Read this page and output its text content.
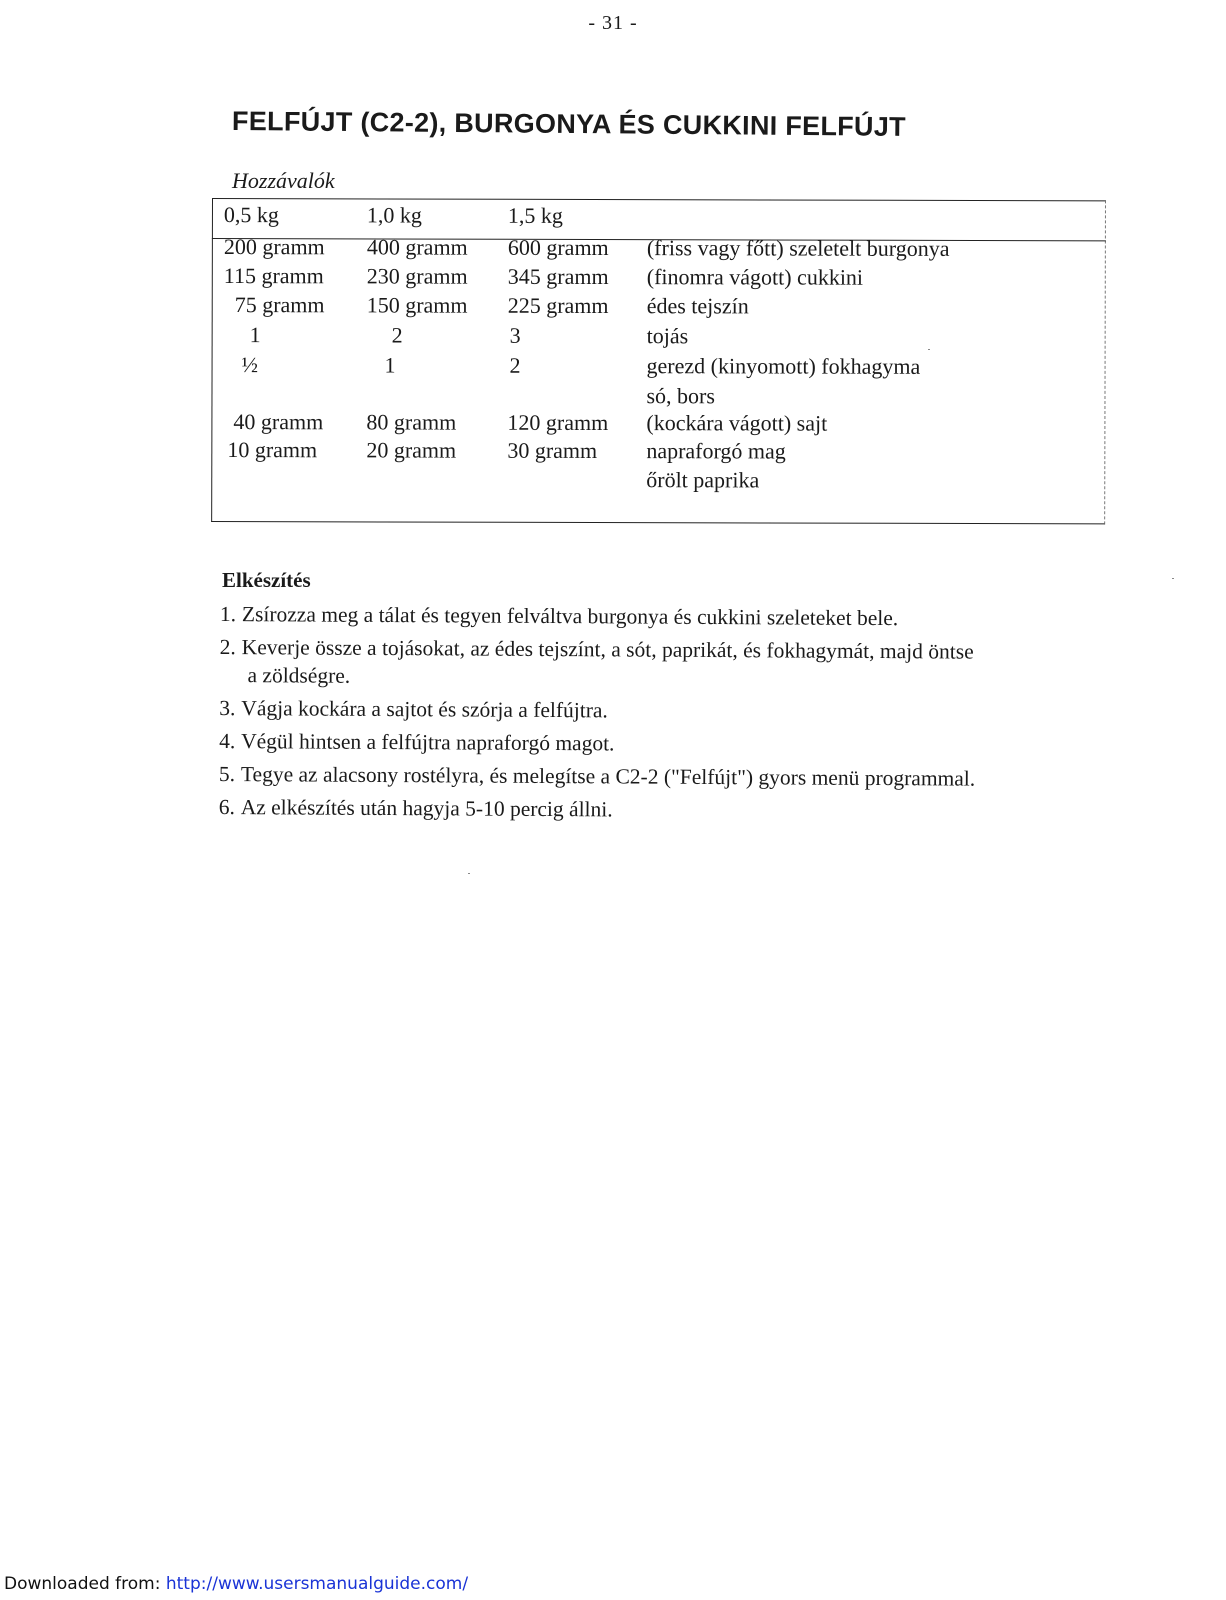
- 31 -
FELFÚJT (C2-2), BURGONYA ÉS CUKKINI FELFÚJT
Hozzávalók
0,5 kg	1,0 kg	1,5 kg
200 gramm 400 gramm 600 gramm (friss vagy főtt) szeletelt burgonya
115 gramm 230 gramm 345 gramm (finomra vágott) cukkini
75 gramm 150 gramm 225 gramm édes tejszín
1	2	3	tojás
½	1	2	gerezd (kinyomott) fokhagyma
só, bors
40 gramm 80 gramm 120 gramm (kockára vágott) sajt
10 gramm 20 gramm 30 gramm napraforgó mag
őrölt paprika
Elkészítés
1. Zsírozza meg a tálat és tegyen felváltva burgonya és cukkini szeleteket bele.
2. Keverje össze a tojásokat, az édes tejszínt, a sót, paprikát, és fokhagymát, majd öntse
a zöldségre.
3. Vágja kockára a sajtot és szórja a felfújtra.
4. Végül hintsen a felfújtra napraforgó magot.
5. Tegye az alacsony rostélyra, és melegítse a C2-2 ("Felfújt") gyors menü programmal.
6. Az elkészítés után hagyja 5-10 percig állni.
Downloaded from: http://www.usersmanualguide.com/
